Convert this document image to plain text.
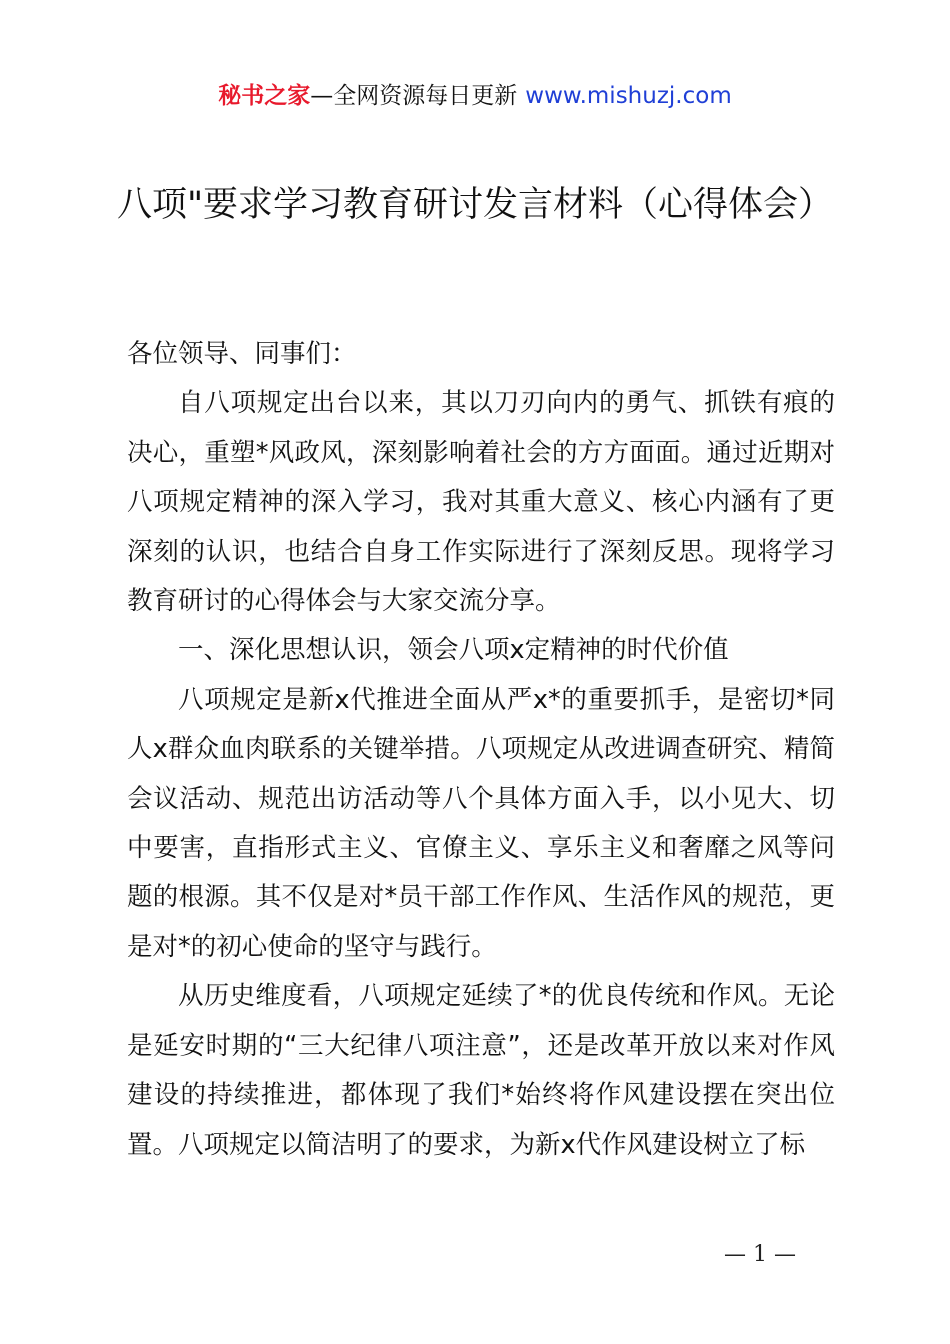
秘书之家—全网资源每日更新 www.mishuzj.com
八项"要求学习教育研讨发言材料（心得体会）

各位领导、同事们：

自八项规定出台以来，其以刀刃向内的勇气、抓铁有痕的决心，重塑*风政风，深刻影响着社会的方方面面。通过近期对八项规定精神的深入学习，我对其重大意义、核心内涵有了更深刻的认识，也结合自身工作实际进行了深刻反思。现将学习教育研讨的心得体会与大家交流分享。

一、深化思想认识，领会八项x定精神的时代价值

八项规定是新x代推进全面从严x*的重要抓手，是密切*同人x群众血肉联系的关键举措。八项规定从改进调查研究、精简会议活动、规范出访活动等八个具体方面入手，以小见大、切中要害，直指形式主义、官僚主义、享乐主义和奢靡之风等问题的根源。其不仅是对*员干部工作作风、生活作风的规范，更是对*的初心使命的坚守与践行。

从历史维度看，八项规定延续了*的优良传统和作风。无论是延安时期的“三大纪律八项注意”，还是改革开放以来对作风建设的持续推进，都体现了我们*始终将作风建设摆在突出位置。八项规定以简洁明了的要求，为新x代作风建设树立了标

— 1 —
